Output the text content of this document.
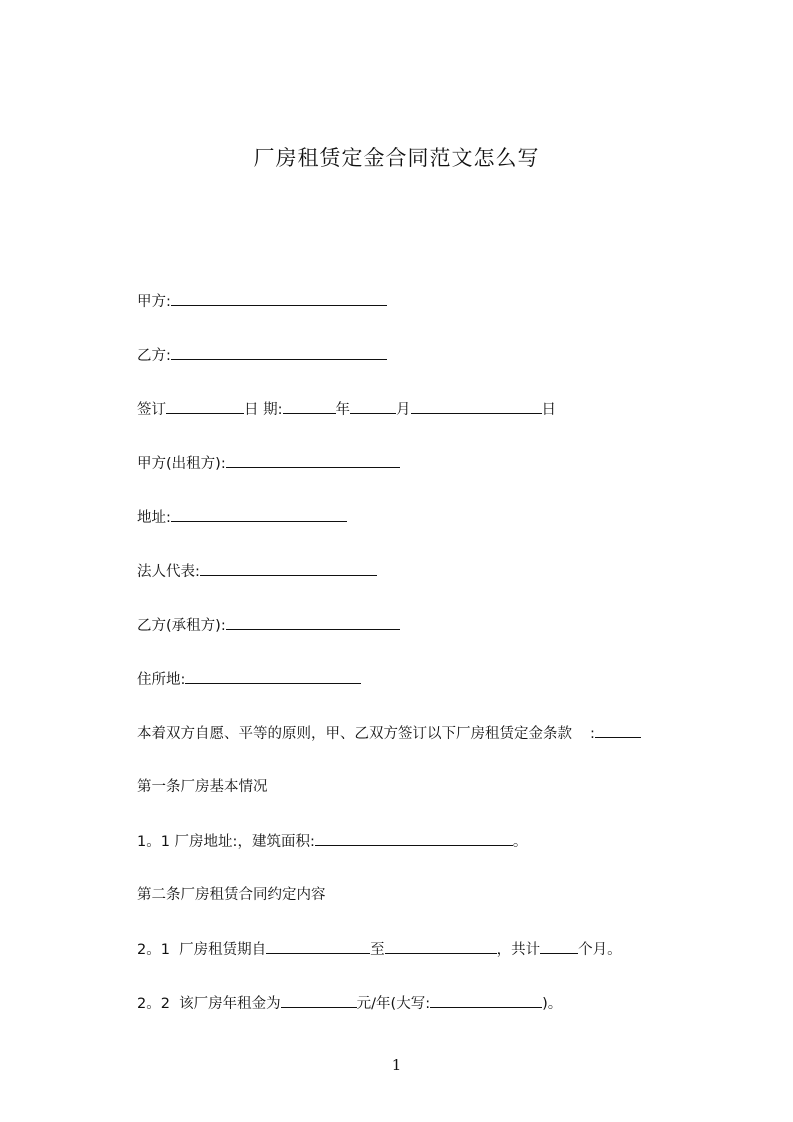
厂房租赁定金合同范文怎么写
甲方:
乙方:
签订	日 期:	年	月	日
甲方(出租方):
地址:
法人代表:
乙方(承租方):
住所地:
本着双方自愿、平等的原则，甲、乙双方签订以下厂房租赁定金条款 :
第一条厂房基本情况
1。1 厂房地址:，建筑面积:	。
第二条厂房租赁合同约定内容
2。1  厂房租赁期自	至	，共计	个月。
2。2  该厂房年租金为	元/年(大写:	)。
1
